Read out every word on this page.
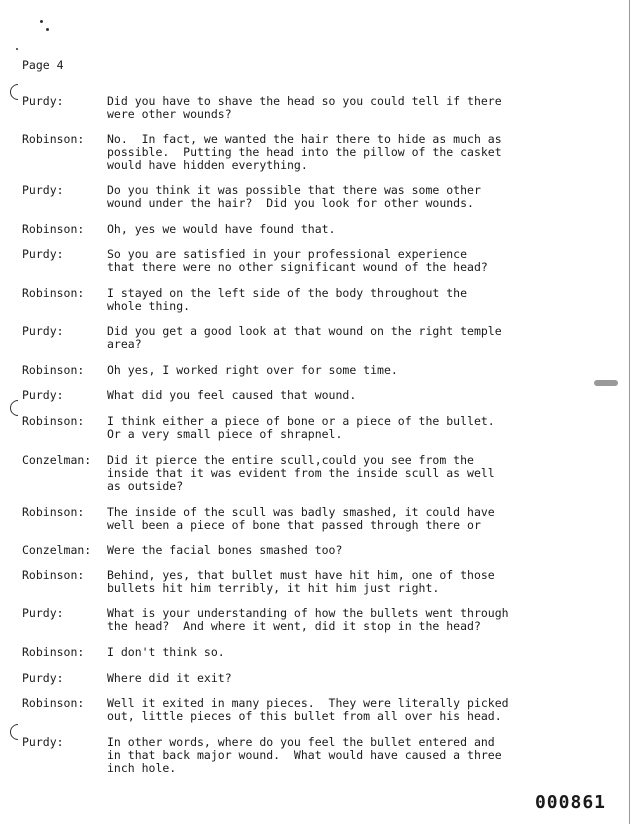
Page 4
Purdy:	Did you have to shave the head so you could tell if there
were other wounds?
Robinson:	No.  In fact, we wanted the hair there to hide as much as
possible.  Putting the head into the pillow of the casket
would have hidden everything.
Purdy:	Do you think it was possible that there was some other
wound under the hair?  Did you look for other wounds.
Robinson:	Oh, yes we would have found that.
Purdy:	So you are satisfied in your professional experience
that there were no other significant wound of the head?
Robinson:	I stayed on the left side of the body throughout the
whole thing.
Purdy:	Did you get a good look at that wound on the right temple
area?
Robinson:	Oh yes, I worked right over for some time.
Purdy:	What did you feel caused that wound.
Robinson:	I think either a piece of bone or a piece of the bullet.
Or a very small piece of shrapnel.
Conzelman:	Did it pierce the entire scull,could you see from the
inside that it was evident from the inside scull as well
as outside?
Robinson:	The inside of the scull was badly smashed, it could have
well been a piece of bone that passed through there or
Conzelman:	Were the facial bones smashed too?
Robinson:	Behind, yes, that bullet must have hit him, one of those
bullets hit him terribly, it hit him just right.
Purdy:	What is your understanding of how the bullets went through
the head?  And where it went, did it stop in the head?
Robinson:	I don't think so.
Purdy:	Where did it exit?
Robinson:	Well it exited in many pieces.  They were literally picked
out, little pieces of this bullet from all over his head.
Purdy:	In other words, where do you feel the bullet entered and
in that back major wound.  What would have caused a three
inch hole.
000861
